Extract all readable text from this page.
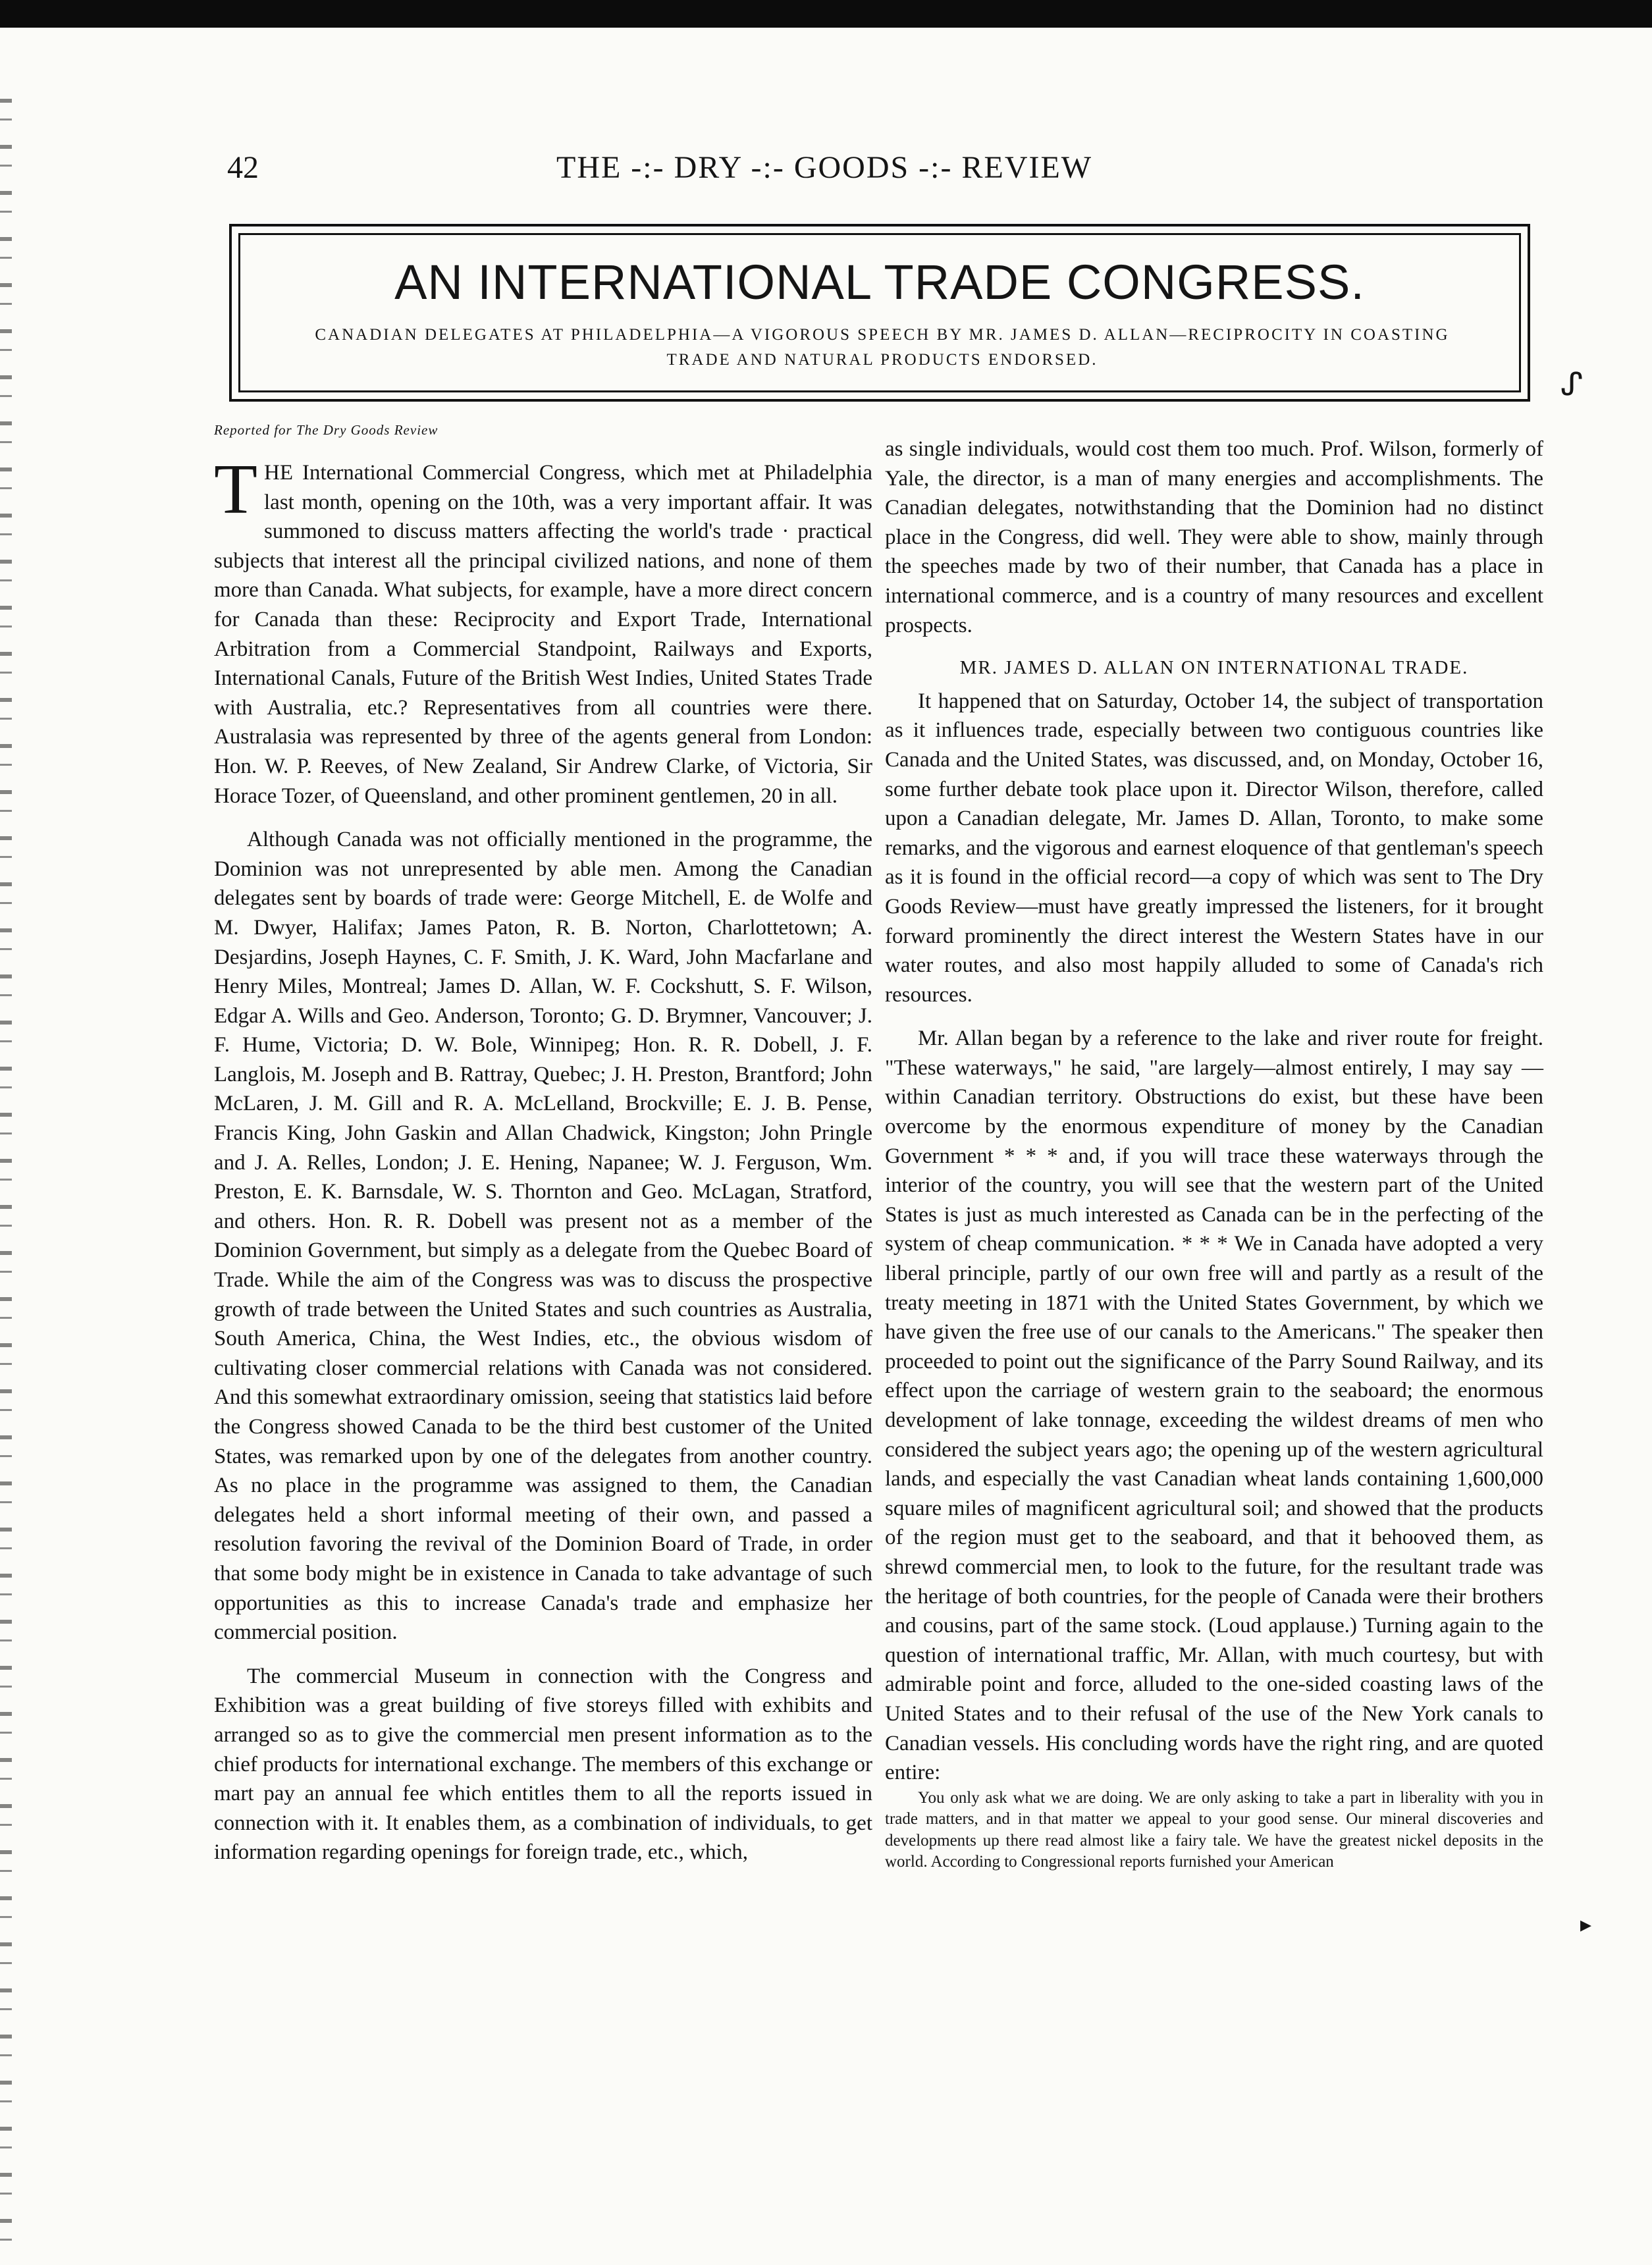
42	THE -:- DRY -:- GOODS -:- REVIEW
AN INTERNATIONAL TRADE CONGRESS.
CANADIAN DELEGATES AT PHILADELPHIA—A VIGOROUS SPEECH BY MR. JAMES D. ALLAN—RECIPROCITY IN COASTING TRADE AND NATURAL PRODUCTS ENDORSED.
ᔑ
Reported for The Dry Goods Review

THE International Commercial Congress, which met at Philadelphia last month, opening on the 10th, was a very important affair. It was summoned to discuss matters affecting the world's trade · practical subjects that interest all the principal civilized nations, and none of them more than Canada. What subjects, for example, have a more direct concern for Canada than these: Reciprocity and Export Trade, International Arbitration from a Commercial Standpoint, Railways and Exports, International Canals, Future of the British West Indies, United States Trade with Australia, etc.? Representatives from all countries were there. Australasia was represented by three of the agents general from London: Hon. W. P. Reeves, of New Zealand, Sir Andrew Clarke, of Victoria, Sir Horace Tozer, of Queensland, and other prominent gentlemen, 20 in all.

Although Canada was not officially mentioned in the programme, the Dominion was not unrepresented by able men. Among the Canadian delegates sent by boards of trade were: George Mitchell, E. de Wolfe and M. Dwyer, Halifax; James Paton, R. B. Norton, Charlottetown; A. Desjardins, Joseph Haynes, C. F. Smith, J. K. Ward, John Macfarlane and Henry Miles, Montreal; James D. Allan, W. F. Cockshutt, S. F. Wilson, Edgar A. Wills and Geo. Anderson, Toronto; G. D. Brymner, Vancouver; J. F. Hume, Victoria; D. W. Bole, Winnipeg; Hon. R. R. Dobell, J. F. Langlois, M. Joseph and B. Rattray, Quebec; J. H. Preston, Brantford; John McLaren, J. M. Gill and R. A. McLelland, Brockville; E. J. B. Pense, Francis King, John Gaskin and Allan Chadwick, Kingston; John Pringle and J. A. Relles, London; J. E. Hening, Napanee; W. J. Ferguson, Wm. Preston, E. K. Barnsdale, W. S. Thornton and Geo. McLagan, Stratford, and others. Hon. R. R. Dobell was present not as a member of the Dominion Government, but simply as a delegate from the Quebec Board of Trade. While the aim of the Congress was was to discuss the prospective growth of trade between the United States and such countries as Australia, South America, China, the West Indies, etc., the obvious wisdom of cultivating closer commercial relations with Canada was not considered. And this somewhat extraordinary omission, seeing that statistics laid before the Congress showed Canada to be the third best customer of the United States, was remarked upon by one of the delegates from another country. As no place in the programme was assigned to them, the Canadian delegates held a short informal meeting of their own, and passed a resolution favoring the revival of the Dominion Board of Trade, in order that some body might be in existence in Canada to take advantage of such opportunities as this to increase Canada's trade and emphasize her commercial position.

The commercial Museum in connection with the Congress and Exhibition was a great building of five storeys filled with exhibits and arranged so as to give the commercial men present information as to the chief products for international exchange. The members of this exchange or mart pay an annual fee which entitles them to all the reports issued in connection with it. It enables them, as a combination of individuals, to get information regarding openings for foreign trade, etc., which,

as single individuals, would cost them too much. Prof. Wilson, formerly of Yale, the director, is a man of many energies and accomplishments. The Canadian delegates, notwithstanding that the Dominion had no distinct place in the Congress, did well. They were able to show, mainly through the speeches made by two of their number, that Canada has a place in international commerce, and is a country of many resources and excellent prospects.

MR. JAMES D. ALLAN ON INTERNATIONAL TRADE.

It happened that on Saturday, October 14, the subject of transportation as it influences trade, especially between two contiguous countries like Canada and the United States, was discussed, and, on Monday, October 16, some further debate took place upon it. Director Wilson, therefore, called upon a Canadian delegate, Mr. James D. Allan, Toronto, to make some remarks, and the vigorous and earnest eloquence of that gentleman's speech as it is found in the official record—a copy of which was sent to The Dry Goods Review—must have greatly impressed the listeners, for it brought forward prominently the direct interest the Western States have in our water routes, and also most happily alluded to some of Canada's rich resources.

Mr. Allan began by a reference to the lake and river route for freight. "These waterways," he said, "are largely—almost entirely, I may say — within Canadian territory. Obstructions do exist, but these have been overcome by the enormous expenditure of money by the Canadian Government * * * and, if you will trace these waterways through the interior of the country, you will see that the western part of the United States is just as much interested as Canada can be in the perfecting of the system of cheap communication. * * * We in Canada have adopted a very liberal principle, partly of our own free will and partly as a result of the treaty meeting in 1871 with the United States Government, by which we have given the free use of our canals to the Americans." The speaker then proceeded to point out the significance of the Parry Sound Railway, and its effect upon the carriage of western grain to the seaboard; the enormous development of lake tonnage, exceeding the wildest dreams of men who considered the subject years ago; the opening up of the western agricultural lands, and especially the vast Canadian wheat lands containing 1,600,000 square miles of magnificent agricultural soil; and showed that the products of the region must get to the seaboard, and that it behooved them, as shrewd commercial men, to look to the future, for the resultant trade was the heritage of both countries, for the people of Canada were their brothers and cousins, part of the same stock. (Loud applause.) Turning again to the question of international traffic, Mr. Allan, with much courtesy, but with admirable point and force, alluded to the one-sided coasting laws of the United States and to their refusal of the use of the New York canals to Canadian vessels. His concluding words have the right ring, and are quoted entire:

You only ask what we are doing. We are only asking to take a part in liberality with you in trade matters, and in that matter we appeal to your good sense. Our mineral discoveries and developments up there read almost like a fairy tale. We have the greatest nickel deposits in the world. According to Congressional reports furnished your American

▸
